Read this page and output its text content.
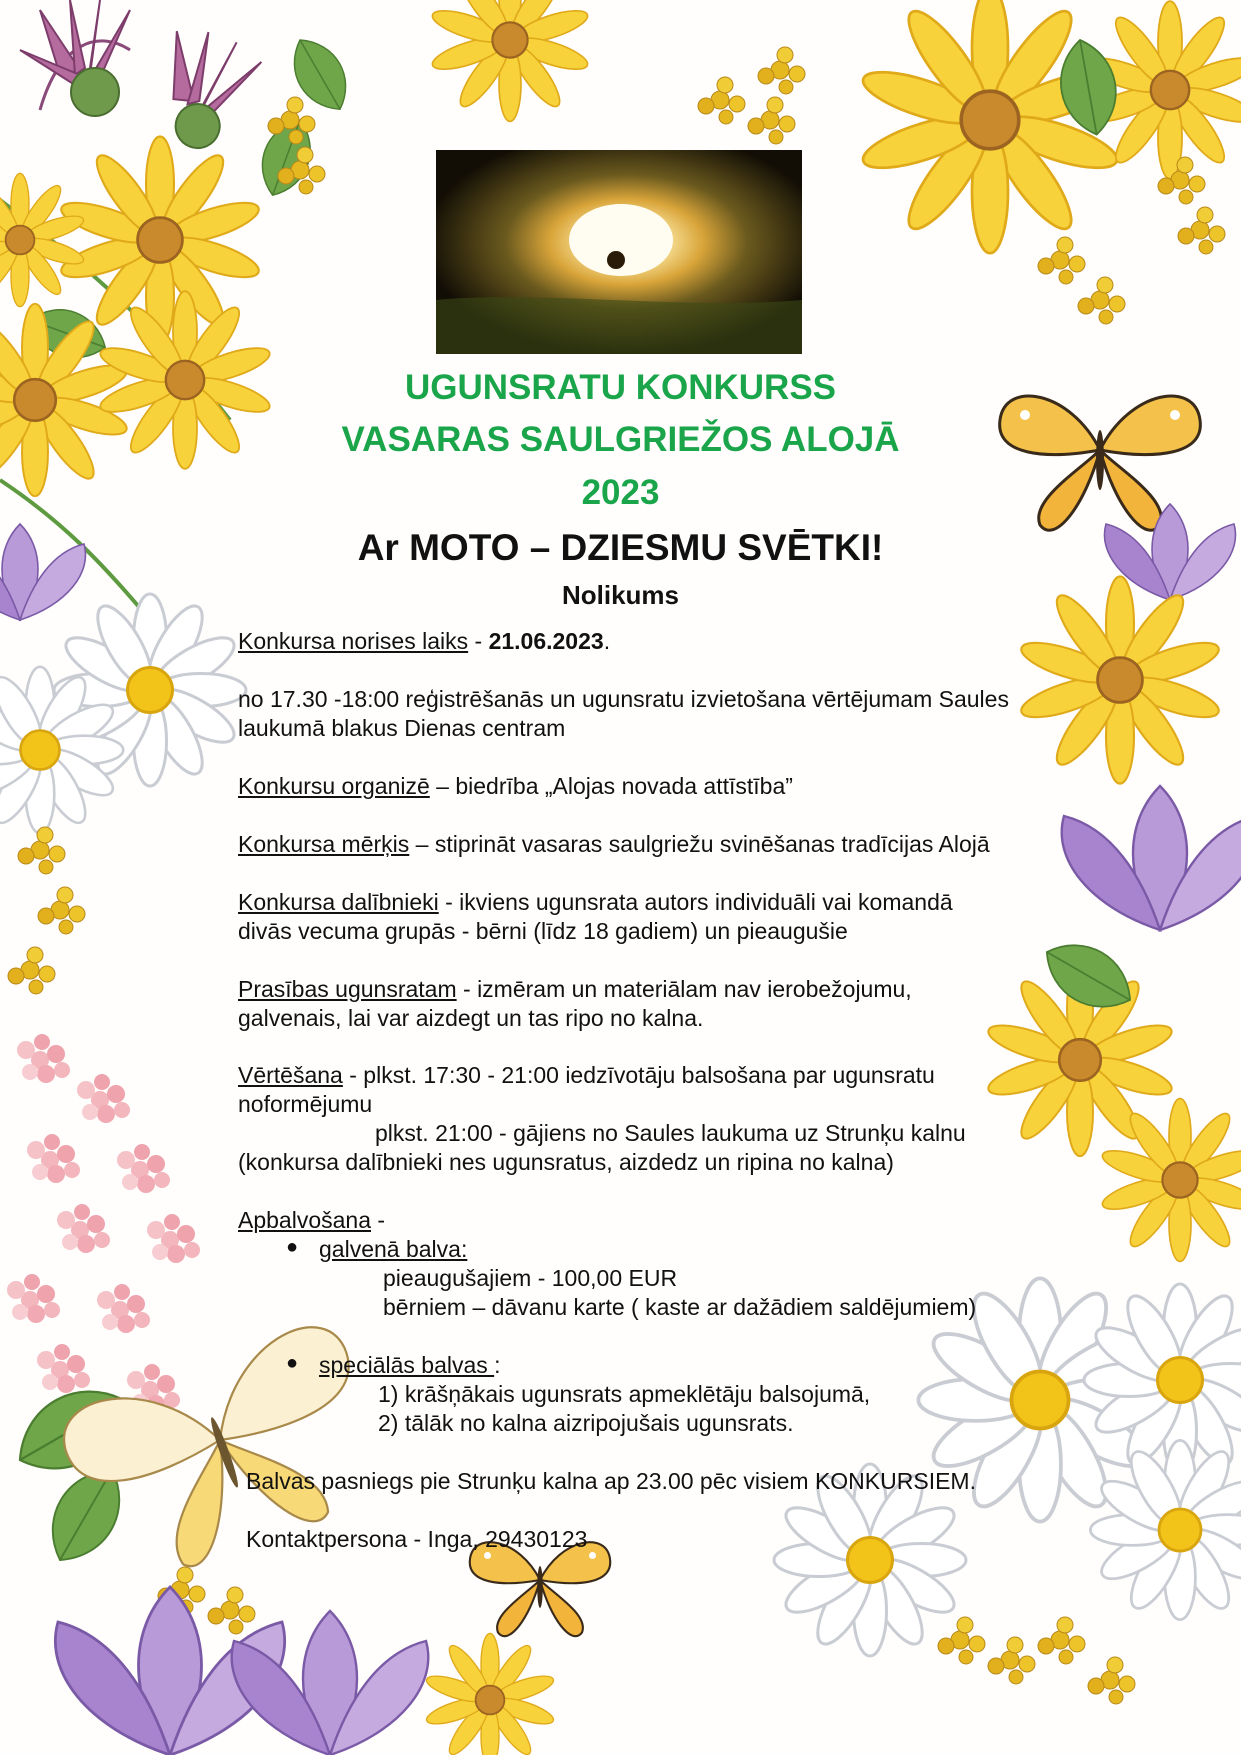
UGUNSRATU KONKURSS
VASARAS SAULGRIEŽOS ALOJĀ
2023
Ar MOTO – DZIESMU SVĒTKI!
Nolikums
Konkursa norises laiks - 21.06.2023.
no 17.30 -18:00 reģistrēšanās un ugunsratu izvietošana vērtējumam Saules
laukumā blakus Dienas centram
Konkursu organizē – biedrība „Alojas novada attīstība”
Konkursa mērķis – stiprināt vasaras saulgriežu svinēšanas tradīcijas Alojā
Konkursa dalībnieki - ikviens ugunsrata autors individuāli vai komandā
divās vecuma grupās - bērni (līdz 18 gadiem) un pieaugušie
Prasības ugunsratam - izmēram un materiālam nav ierobežojumu,
galvenais, lai var aizdegt un tas ripo no kalna.
Vērtēšana - plkst. 17:30 - 21:00 iedzīvotāju balsošana par ugunsratu
noformējumu
plkst. 21:00 - gājiens no Saules laukuma uz Strunķu kalnu
(konkursa dalībnieki nes ugunsratus, aizdedz un ripina no kalna)
Apbalvošana -
● galvenā balva:
pieaugušajiem - 100,00 EUR
bērniem – dāvanu karte ( kaste ar dažādiem saldējumiem)
● speciālās balvas :
1) krāšņākais ugunsrats apmeklētāju balsojumā,
2) tālāk no kalna aizripojušais ugunsrats.
Balvas pasniegs pie Strunķu kalna ap 23.00 pēc visiem KONKURSIEM.
Kontaktpersona - Inga, 29430123
